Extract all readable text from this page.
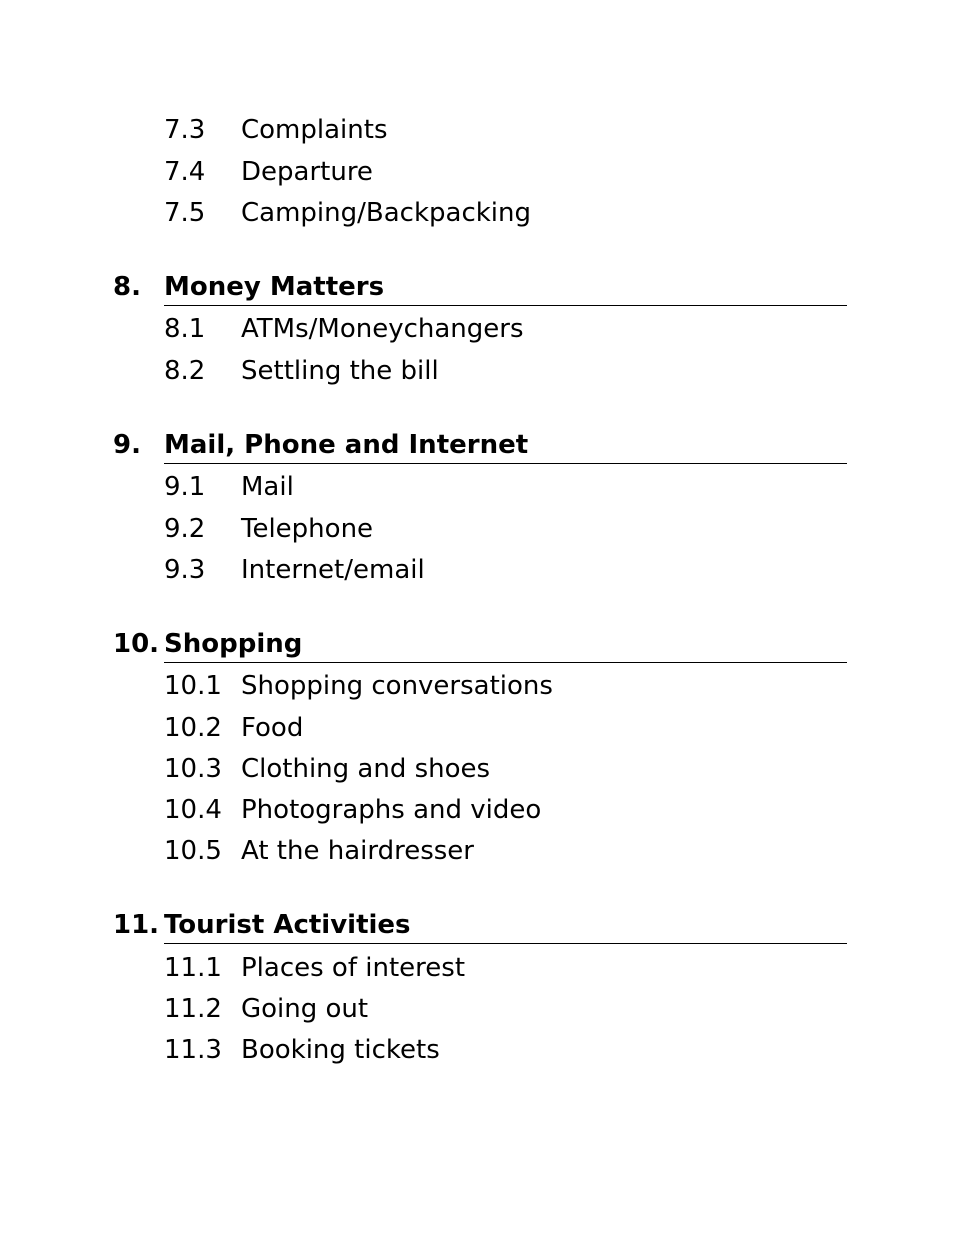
7.3 Complaints
7.4 Departure
7.5 Camping/Backpacking
8. Money Matters
8.1 ATMs/Moneychangers
8.2 Settling the bill
9. Mail, Phone and Internet
9.1 Mail
9.2 Telephone
9.3 Internet/email
10. Shopping
10.1 Shopping conversations
10.2 Food
10.3 Clothing and shoes
10.4 Photographs and video
10.5 At the hairdresser
11. Tourist Activities
11.1 Places of interest
11.2 Going out
11.3 Booking tickets
